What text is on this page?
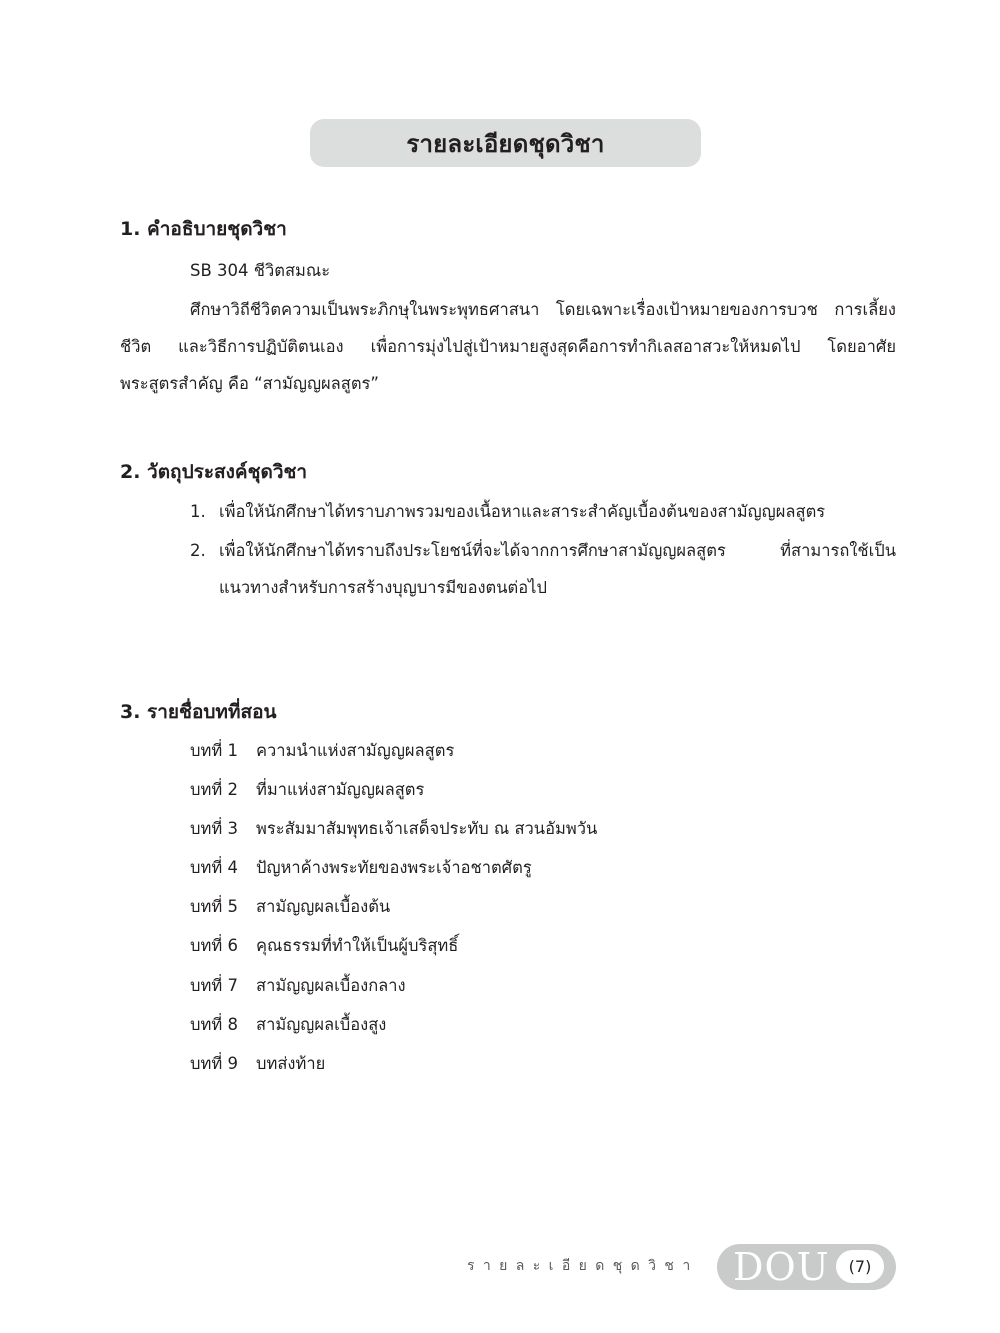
รายละเอียดชุดวิชา
1. คำอธิบายชุดวิชา

SB 304 ชีวิตสมณะ

ศึกษาวิถีชีวิตความเป็นพระภิกษุในพระพุทธศาสนา โดยเฉพาะเรื่องเป้าหมายของการบวช การเลี้ยง
ชีวิต และวิธีการปฏิบัติตนเอง เพื่อการมุ่งไปสู่เป้าหมายสูงสุดคือการทำกิเลสอาสวะให้หมดไป โดยอาศัย
พระสูตรสำคัญ คือ “สามัญญผลสูตร”

2. วัตถุประสงค์ชุดวิชา
1. เพื่อให้นักศึกษาได้ทราบภาพรวมของเนื้อหาและสาระสำคัญเบื้องต้นของสามัญญผลสูตร
2. เพื่อให้นักศึกษาได้ทราบถึงประโยชน์ที่จะได้จากการศึกษาสามัญญผลสูตร ที่สามารถใช้เป็น
แนวทางสำหรับการสร้างบุญบารมีของตนต่อไป
3. รายชื่อบทที่สอน
บทที่ 1 ความนำแห่งสามัญญผลสูตร
บทที่ 2 ที่มาแห่งสามัญญผลสูตร
บทที่ 3 พระสัมมาสัมพุทธเจ้าเสด็จประทับ ณ สวนอัมพวัน
บทที่ 4 ปัญหาค้างพระทัยของพระเจ้าอชาตศัตรู
บทที่ 5 สามัญญผลเบื้องต้น
บทที่ 6 คุณธรรมที่ทำให้เป็นผู้บริสุทธิ์
บทที่ 7 สามัญญผลเบื้องกลาง
บทที่ 8 สามัญญผลเบื้องสูง
บทที่ 9 บทส่งท้าย
รายละเอียดชุดวิชา DOU	(7)
